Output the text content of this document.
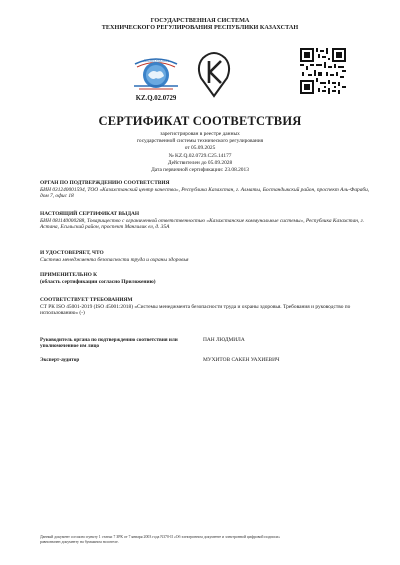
ГОСУДАРСТВЕННАЯ СИСТЕМА
ТЕХНИЧЕСКОГО РЕГУЛИРОВАНИЯ РЕСПУБЛИКИ КАЗАХСТАН
ACCREDITATION
KZ.Q.02.0729
СЕРТИФИКАТ СООТВЕТСТВИЯ
зарегистрирован в реестре данных
государственной системы технического регулирования
от 05.09.2025
№ KZ.Q.02.0729.С25.14177
Действителен до 05.09.2028
Дата первичной сертификации: 23.08.2013
ОРГАН ПО ПОДТВЕРЖДЕНИЮ СООТВЕТСТВИЯ
БИН 031240001594, ТОО «Казахстанский центр качества», Республика Казахстан, г. Алматы, Бостандыкский район, проспект Аль-Фараби, дом 7, офис 18
НАСТОЯЩИЙ СЕРТИФИКАТ ВЫДАН
БИН 081140000288, Товарищество с ограниченной ответственностью «Казахстанские коммунальные системы», Республика Казахстан, г. Астана, Есильский район, проспект Мангилик ел, д. 35А
И УДОСТОВЕРЯЕТ, ЧТО
Система менеджмента безопасности труда и охраны здоровья
ПРИМЕНИТЕЛЬНО К
(область сертификации согласно Приложению)
СООТВЕТСТВУЕТ ТРЕБОВАНИЯМ
СТ РК ISO 45001-2019 (ISO 45001:2018) «Системы менеджмента безопасности труда и охраны здоровья. Требования и руководство по использованию» (-)
Руководитель органа по подтверждению соответствия или уполномоченное им лицо
ПАН ЛЮДМИЛА
Эксперт-аудитор	МУХИТОВ САКЕН УАХИЕВИЧ
Данный документ согласно пункту 1 статьи 7 ЗРК от 7 января 2003 года N370-II «Об электронном документе и электронной цифровой подписи»
равнозначен документу на бумажном носителе.
